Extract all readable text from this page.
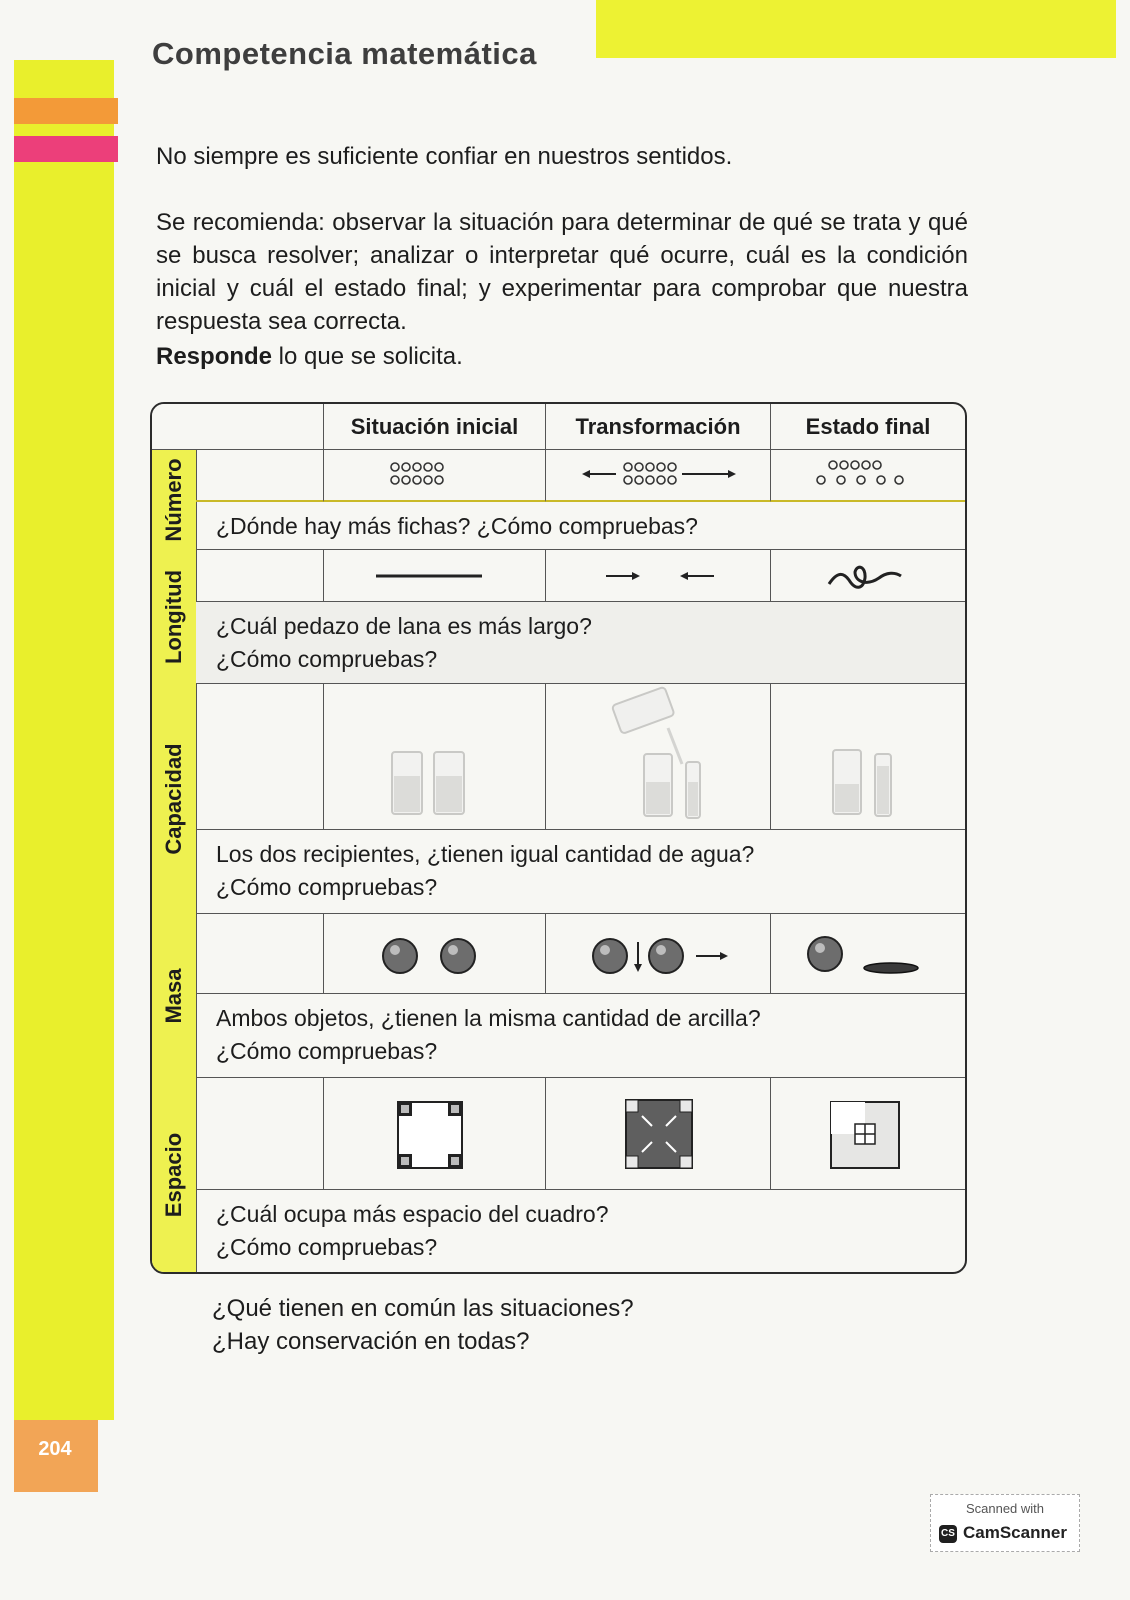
204
Competencia matemática
No siempre es suficiente confiar en nuestros sentidos.
Se recomienda: observar la situación para determinar de qué se trata y qué se busca resolver; analizar o interpretar qué ocurre, cuál es la condición inicial y cuál el estado final; y experimentar para comprobar que nuestra respuesta sea correcta.
Responde lo que se solicita.
Situación inicial	Transformación	Estado final
Número ¿Dónde hay más fichas? ¿Cómo compruebas?
Longitud ¿Cuál pedazo de lana es más largo?
¿Cómo compruebas?
Capacidad Los dos recipientes, ¿tienen igual cantidad de agua?
¿Cómo compruebas?
Masa Ambos objetos, ¿tienen la misma cantidad de arcilla?
¿Cómo compruebas?
Espacio ¿Cuál ocupa más espacio del cuadro?
¿Cómo compruebas?
¿Qué tienen en común las situaciones?
¿Hay conservación en todas?
Scanned with
CS CamScanner
